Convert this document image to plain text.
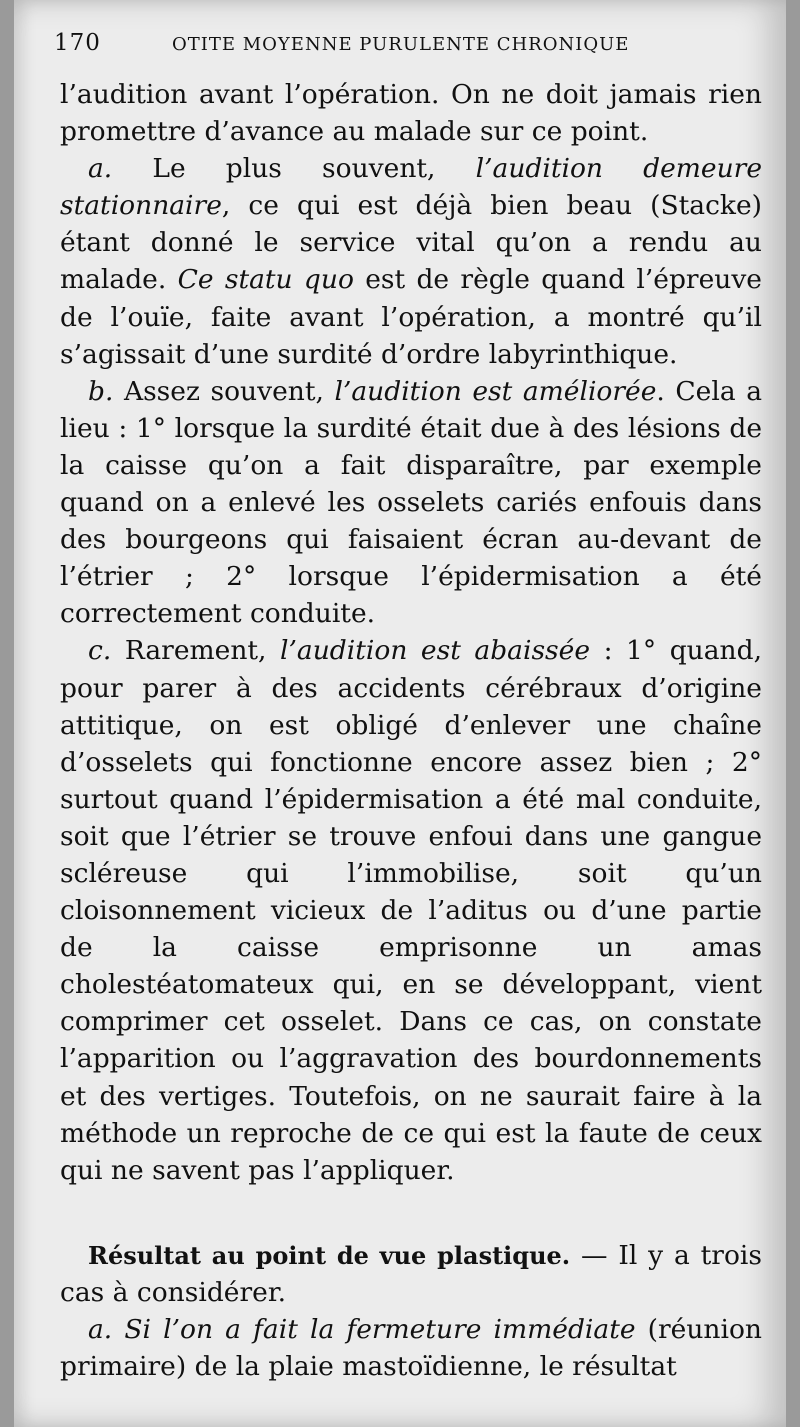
170	OTITE MOYENNE PURULENTE CHRONIQUE

l’audition avant l’opération. On ne doit jamais rien promettre d’avance au malade sur ce point.

a. Le plus souvent, l’audition demeure stationnaire, ce qui est déjà bien beau (Stacke) étant donné le service vital qu’on a rendu au malade. Ce statu quo est de règle quand l’épreuve de l’ouïe, faite avant l’opération, a montré qu’il s’agissait d’une surdité d’ordre labyrinthique.

b. Assez souvent, l’audition est améliorée. Cela a lieu : 1° lorsque la surdité était due à des lésions de la caisse qu’on a fait disparaître, par exemple quand on a enlevé les osselets cariés enfouis dans des bourgeons qui faisaient écran au-devant de l’étrier ; 2° lorsque l’épidermisation a été correctement conduite.

c. Rarement, l’audition est abaissée : 1° quand, pour parer à des accidents cérébraux d’origine attitique, on est obligé d’enlever une chaîne d’osselets qui fonctionne encore assez bien ; 2° surtout quand l’épidermisation a été mal conduite, soit que l’étrier se trouve enfoui dans une gangue scléreuse qui l’immobilise, soit qu’un cloisonnement vicieux de l’aditus ou d’une partie de la caisse emprisonne un amas cholestéatomateux qui, en se développant, vient comprimer cet osselet. Dans ce cas, on constate l’apparition ou l’aggravation des bourdonnements et des vertiges. Toutefois, on ne saurait faire à la méthode un reproche de ce qui est la faute de ceux qui ne savent pas l’appliquer.

Résultat au point de vue plastique. — Il y a trois cas à considérer.

a. Si l’on a fait la fermeture immédiate (réunion primaire) de la plaie mastoïdienne, le résultat
